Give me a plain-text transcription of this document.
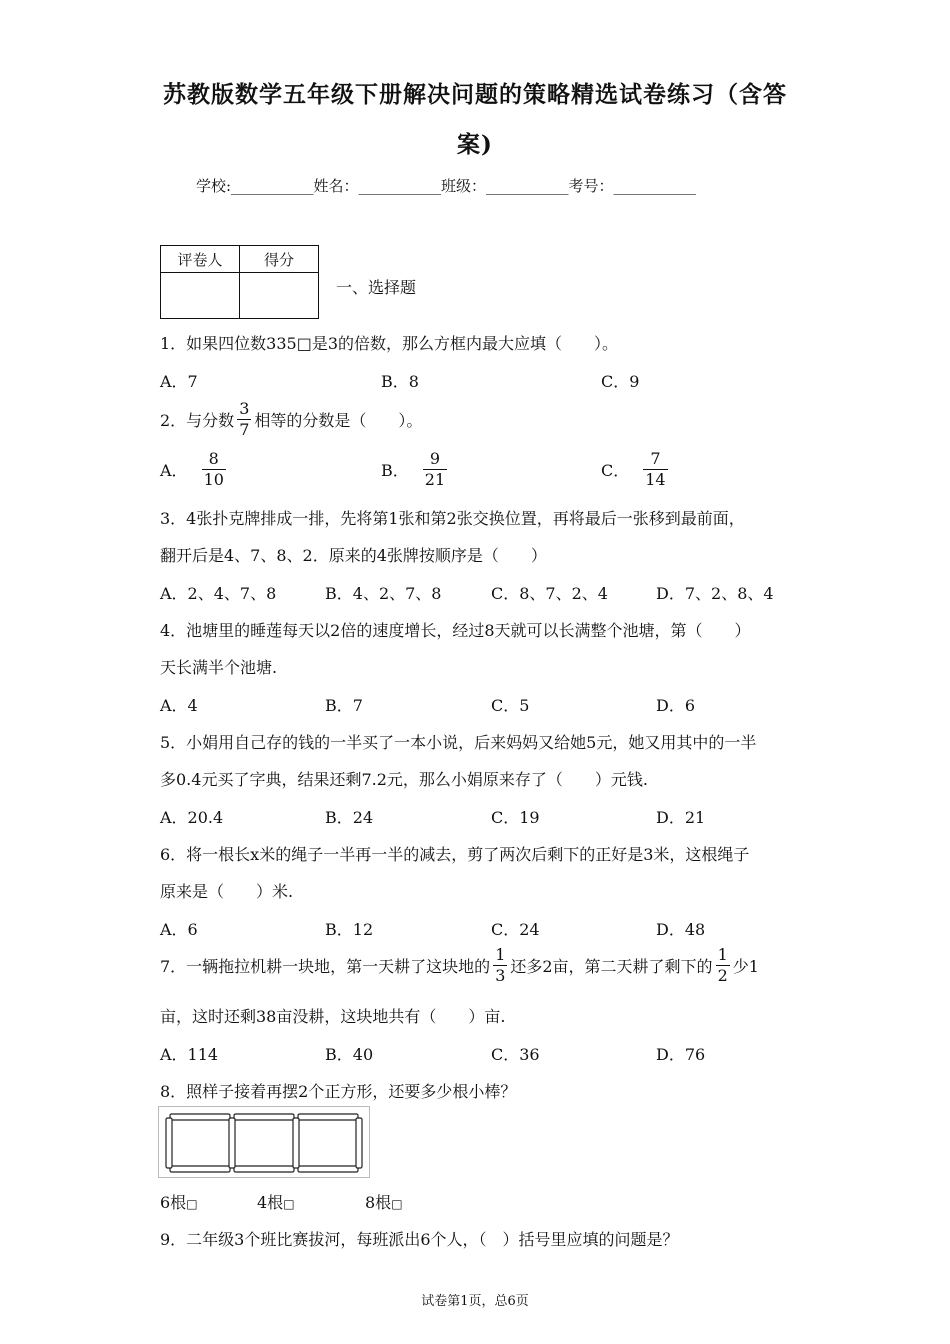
苏教版数学五年级下册解决问题的策略精选试卷练习（含答
案)
学校:___________姓名：___________班级：___________考号：___________
评卷人	得分

一、选择题
1．如果四位数335□是3的倍数，那么方框内最大应填（　　）。
A．7	B．8	C．9
2．与分数 $\frac{3}{7}$ 相等的分数是（　　）。
A． $\frac{8}{10}$	B． $\frac{9}{21}$	C． $\frac{7}{14}$
3．4张扑克牌排成一排，先将第1张和第2张交换位置，再将最后一张移到最前面，
翻开后是4、7、8、2．原来的4张牌按顺序是（　　）
A．2、4、7、8	B．4、2、7、8	C．8、7、2、4	D．7、2、8、4
4．池塘里的睡莲每天以2倍的速度增长，经过8天就可以长满整个池塘，第（　　）
天长满半个池塘.
A．4	B．7	C．5	D．6
5．小娟用自己存的钱的一半买了一本小说，后来妈妈又给她5元，她又用其中的一半
多0.4元买了字典，结果还剩7.2元，那么小娟原来存了（　　）元钱.
A．20.4	B．24	C．19	D．21
6．将一根长x米的绳子一半再一半的减去，剪了两次后剩下的正好是3米，这根绳子
原来是（　　）米.
A．6	B．12	C．24	D．48
7．一辆拖拉机耕一块地，第一天耕了这块地的 $\frac{1}{3}$ 还多2亩，第二天耕了剩下的 $\frac{1}{2}$ 少1
亩，这时还剩38亩没耕，这块地共有（　　）亩.
A．114	B．40	C．36	D．76
8．照样子接着再摆2个正方形，还要多少根小棒？
6根□	4根□	8根□
9．二年级3个班比赛拔河，每班派出6个人，（　）括号里应填的问题是？
试卷第1页，总6页
